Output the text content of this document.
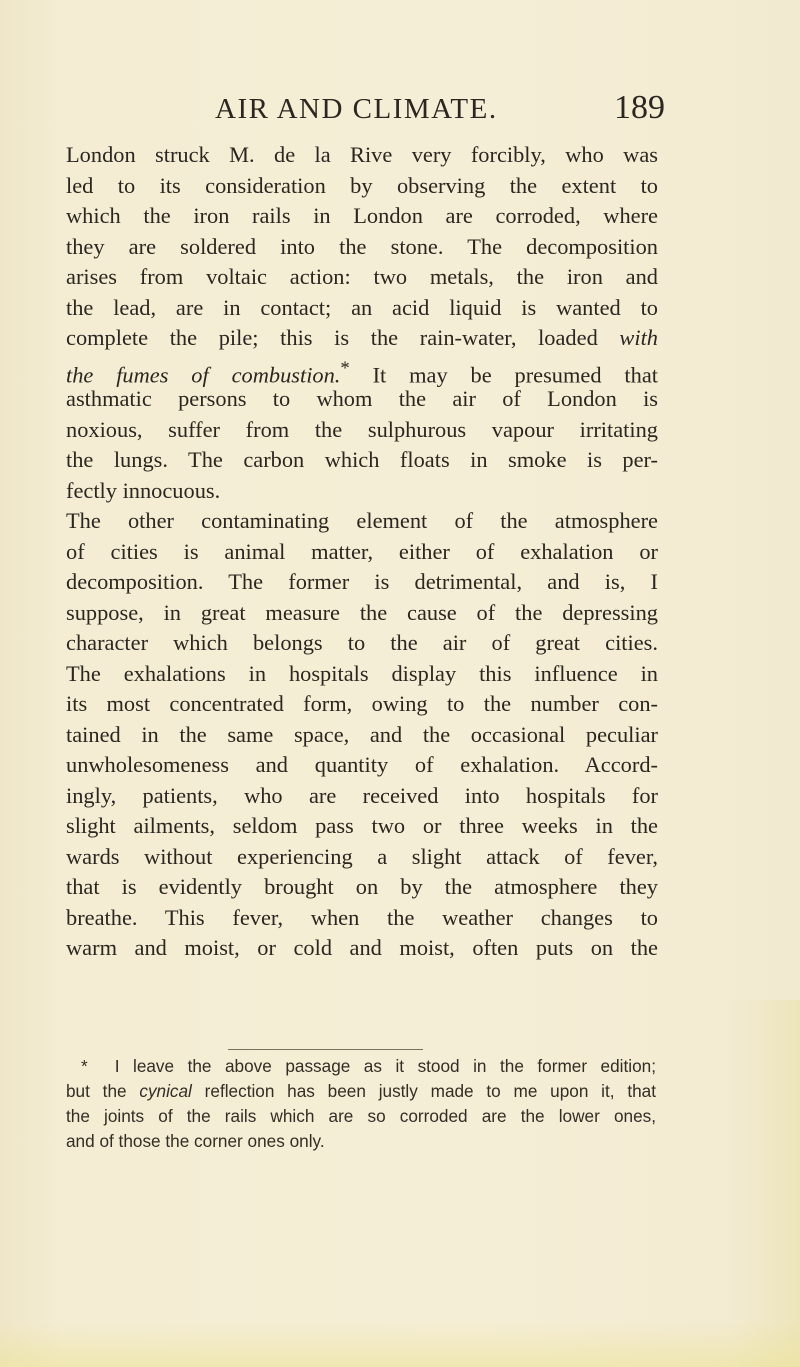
AIR AND CLIMATE.	189
London struck M. de la Rive very forcibly, who was
led to its consideration by observing the extent to
which the iron rails in London are corroded, where
they are soldered into the stone. The decomposition
arises from voltaic action: two metals, the iron and
the lead, are in contact; an acid liquid is wanted to
complete the pile; this is the rain-water, loaded with
the fumes of combustion.* It may be presumed that
asthmatic persons to whom the air of London is
noxious, suffer from the sulphurous vapour irritating
the lungs. The carbon which floats in smoke is per-
fectly innocuous.
The other contaminating element of the atmosphere
of cities is animal matter, either of exhalation or
decomposition. The former is detrimental, and is, I
suppose, in great measure the cause of the depressing
character which belongs to the air of great cities.
The exhalations in hospitals display this influence in
its most concentrated form, owing to the number con-
tained in the same space, and the occasional peculiar
unwholesomeness and quantity of exhalation. Accord-
ingly, patients, who are received into hospitals for
slight ailments, seldom pass two or three weeks in the
wards without experiencing a slight attack of fever,
that is evidently brought on by the atmosphere they
breathe. This fever, when the weather changes to
warm and moist, or cold and moist, often puts on the
* I leave the above passage as it stood in the former edition;
but the cynical reflection has been justly made to me upon it, that
the joints of the rails which are so corroded are the lower ones,
and of those the corner ones only.
